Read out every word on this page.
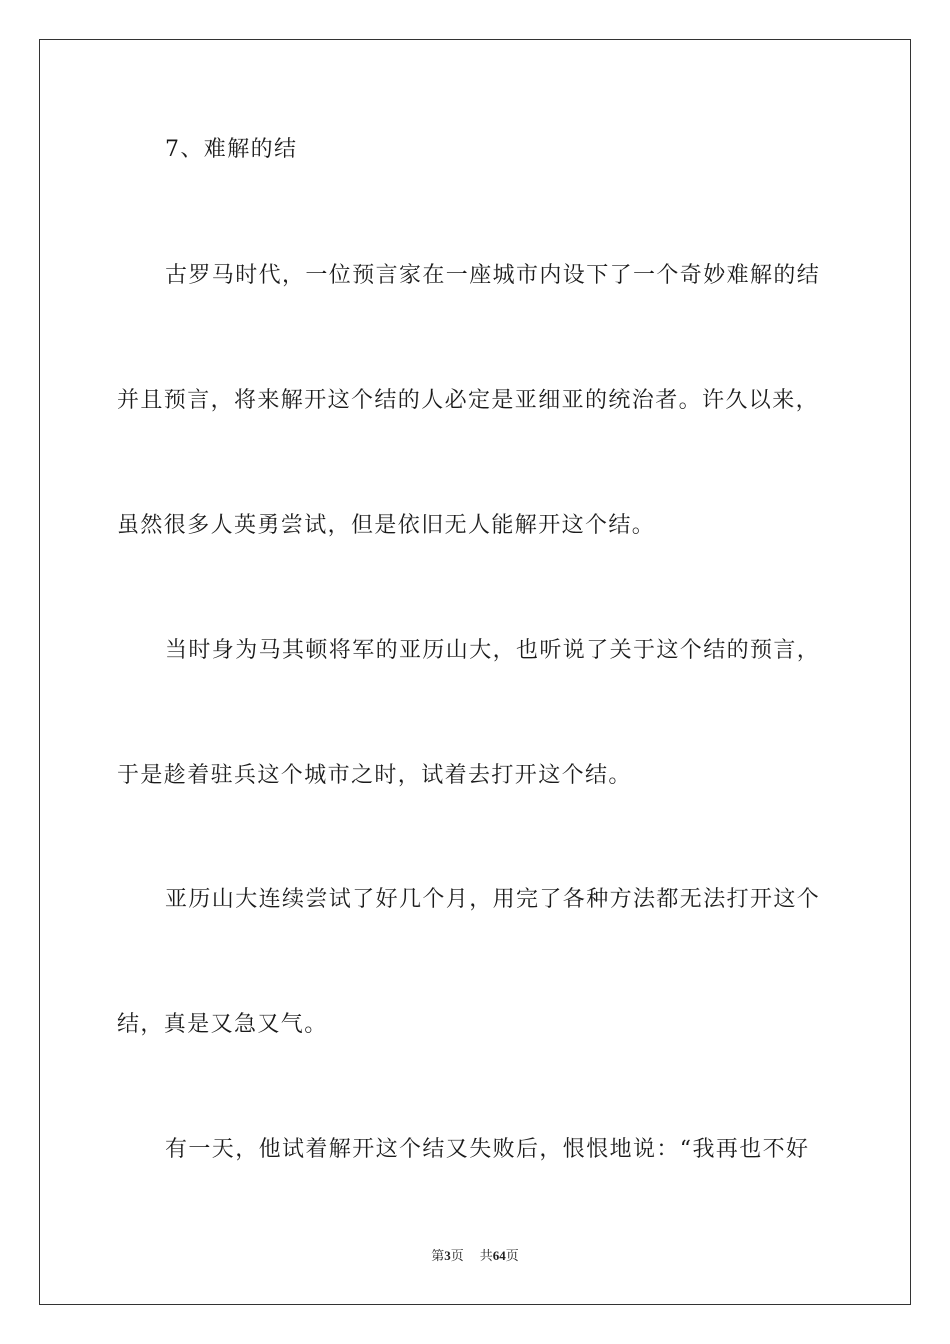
7、难解的结
古罗马时代，一位预言家在一座城市内设下了一个奇妙难解的结
并且预言，将来解开这个结的人必定是亚细亚的统治者。许久以来，
虽然很多人英勇尝试，但是依旧无人能解开这个结。
当时身为马其顿将军的亚历山大，也听说了关于这个结的预言，
于是趁着驻兵这个城市之时，试着去打开这个结。
亚历山大连续尝试了好几个月，用完了各种方法都无法打开这个
结，真是又急又气。
有一天，他试着解开这个结又失败后，恨恨地说：“我再也不好
第3页 共64页
